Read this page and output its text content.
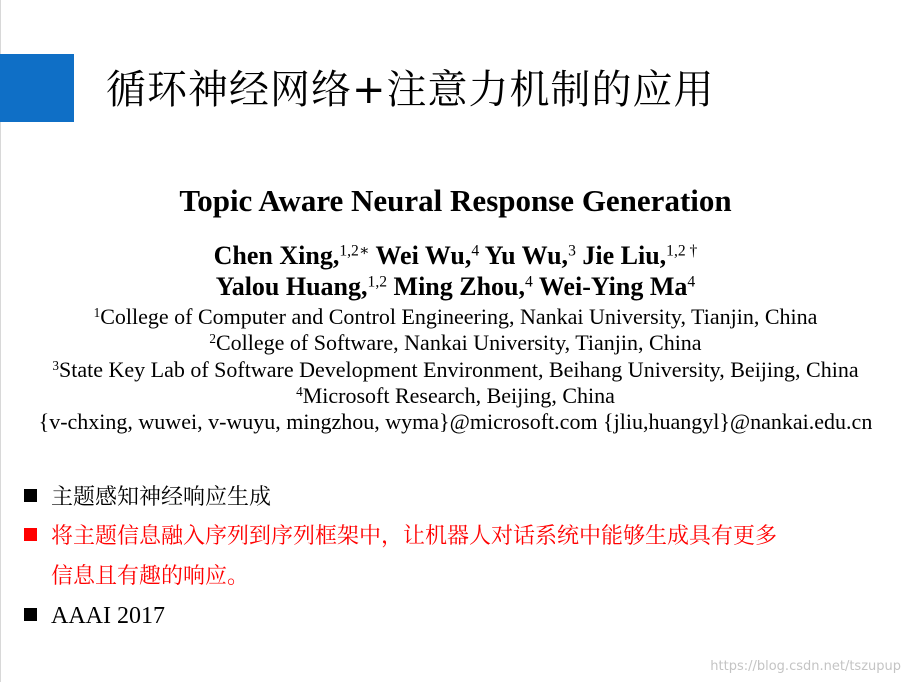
循环神经网络+注意力机制的应用
Topic Aware Neural Response Generation
Chen Xing,$^{1,2∗}$ Wei Wu,$^4$ Yu Wu,$^3$ Jie Liu,$^{1,2 \dagger}$
Yalou Huang,$^{1,2}$ Ming Zhou,$^4$ Wei-Ying Ma$^4$
$^1$College of Computer and Control Engineering, Nankai University, Tianjin, China
$^2$College of Software, Nankai University, Tianjin, China
$^3$State Key Lab of Software Development Environment, Beihang University, Beijing, China
$^4$Microsoft Research, Beijing, China
{v-chxing, wuwei, v-wuyu, mingzhou, wyma}@microsoft.com {jliu,huangyl}@nankai.edu.cn
主题感知神经响应生成
将主题信息融入序列到序列框架中，让机器人对话系统中能够生成具有更多
信息且有趣的响应。
AAAI 2017
https://blog.csdn.net/tszupup
